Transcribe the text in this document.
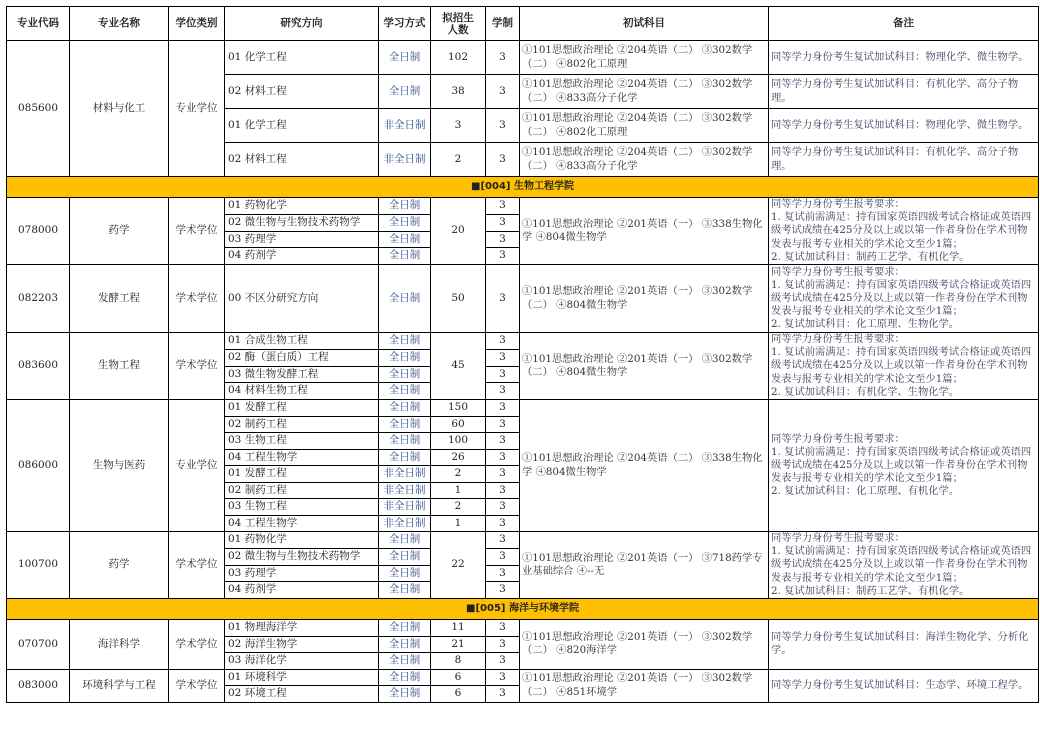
专业代码	专业名称	学位类别	研究方向	学习方式	拟招生
人数	学制	初试科目	备注
085600	材料与化工	专业学位	01 化学工程	全日制	102	3	①101思想政治理论 ②204英语（二） ③302数学（二） ④802化工原理	同等学力身份考生复试加试科目：物理化学、微生物学。
			02 材料工程	全日制	38	3	①101思想政治理论 ②204英语（二） ③302数学（二） ④833高分子化学	同等学力身份考生复试加试科目：有机化学、高分子物理。
			01 化学工程	非全日制	3	3	①101思想政治理论 ②204英语（二） ③302数学（二） ④802化工原理	同等学力身份考生复试加试科目：物理化学、微生物学。
			02 材料工程	非全日制	2	3	①101思想政治理论 ②204英语（二） ③302数学（二） ④833高分子化学	同等学力身份考生复试加试科目：有机化学、高分子物理。
■[004] 生物工程学院								
078000	药学	学术学位	01 药物化学	全日制	20	3	①101思想政治理论 ②201英语（一） ③338生物化学 ④804微生物学	同等学力身份考生报考要求：
1. 复试前需满足：持有国家英语四级考试合格证或英语四级考试成绩在425分及以上或以第一作者身份在学术刊物发表与报考专业相关的学术论文至少1篇；
2. 复试加试科目：制药工艺学、有机化学。
			02 微生物与生物技术药物学	全日制		3		
			03 药理学	全日制		3		
			04 药剂学	全日制		3		
082203	发酵工程	学术学位	00 不区分研究方向	全日制	50	3	①101思想政治理论 ②201英语（一） ③302数学（二） ④804微生物学	同等学力身份考生报考要求：
1. 复试前需满足：持有国家英语四级考试合格证或英语四级考试成绩在425分及以上或以第一作者身份在学术刊物发表与报考专业相关的学术论文至少1篇；
2. 复试加试科目：化工原理、生物化学。
083600	生物工程	学术学位	01 合成生物工程	全日制	45	3	①101思想政治理论 ②201英语（一） ③302数学（二） ④804微生物学	同等学力身份考生报考要求：
1. 复试前需满足：持有国家英语四级考试合格证或英语四级考试成绩在425分及以上或以第一作者身份在学术刊物发表与报考专业相关的学术论文至少1篇；
2. 复试加试科目：有机化学、生物化学。
			02 酶（蛋白质）工程	全日制		3		
			03 微生物发酵工程	全日制		3		
			04 材料生物工程	全日制		3		
086000	生物与医药	专业学位	01 发酵工程	全日制	150	3	①101思想政治理论 ②204英语（二） ③338生物化学 ④804微生物学	同等学力身份考生报考要求：
1. 复试前需满足：持有国家英语四级考试合格证或英语四级考试成绩在425分及以上或以第一作者身份在学术刊物发表与报考专业相关的学术论文至少1篇；
2. 复试加试科目：化工原理、有机化学。
			02 制药工程	全日制	60	3		
			03 生物工程	全日制	100	3		
			04 工程生物学	全日制	26	3		
			01 发酵工程	非全日制	2	3		
			02 制药工程	非全日制	1	3		
			03 生物工程	非全日制	2	3		
			04 工程生物学	非全日制	1	3		
100700	药学	学术学位	01 药物化学	全日制	22	3	①101思想政治理论 ②201英语（一） ③718药学专业基础综合 ④--无	同等学力身份考生报考要求：
1. 复试前需满足：持有国家英语四级考试合格证或英语四级考试成绩在425分及以上或以第一作者身份在学术刊物发表与报考专业相关的学术论文至少1篇；
2. 复试加试科目：制药工艺学、有机化学。
			02 微生物与生物技术药物学	全日制		3		
			03 药理学	全日制		3		
			04 药剂学	全日制		3		
■[005] 海洋与环境学院								
070700	海洋科学	学术学位	01 物理海洋学	全日制	11	3	①101思想政治理论 ②201英语（一） ③302数学（二） ④820海洋学	同等学力身份考生复试加试科目：海洋生物化学、分析化学。
			02 海洋生物学	全日制	21	3		
			03 海洋化学	全日制	8	3		
083000	环境科学与工程	学术学位	01 环境科学	全日制	6	3	①101思想政治理论 ②201英语（一） ③302数学（二） ④851环境学	同等学力身份考生复试加试科目：生态学、环境工程学。
			02 环境工程	全日制	6	3		
